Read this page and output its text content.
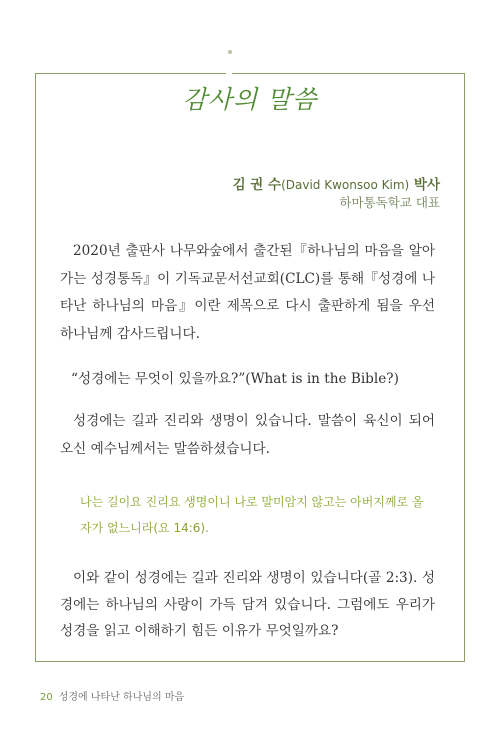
감사의 말씀
김 권 수(David Kwonsoo Kim) 박사
하마통독학교 대표

2020년 출판사 나무와숲에서 출간된『하나님의 마음을 알아가는 성경통독』이 기독교문서선교회(CLC)를 통해『성경에 나타난 하나님의 마음』이란 제목으로 다시 출판하게 됨을 우선 하나님께 감사드립니다.

“성경에는 무엇이 있을까요?”(What is in the Bible?)

성경에는 길과 진리와 생명이 있습니다. 말씀이 육신이 되어오신 예수님께서는 말씀하셨습니다.

나는 길이요 진리요 생명이니 나로 말미암지 않고는 아버지께로 올 자가 없느니라(요 14:6).

이와 같이 성경에는 길과 진리와 생명이 있습니다(골 2:3). 성경에는 하나님의 사랑이 가득 담겨 있습니다. 그럼에도 우리가 성경을 읽고 이해하기 힘든 이유가 무엇일까요?

20 성경에 나타난 하나님의 마음
